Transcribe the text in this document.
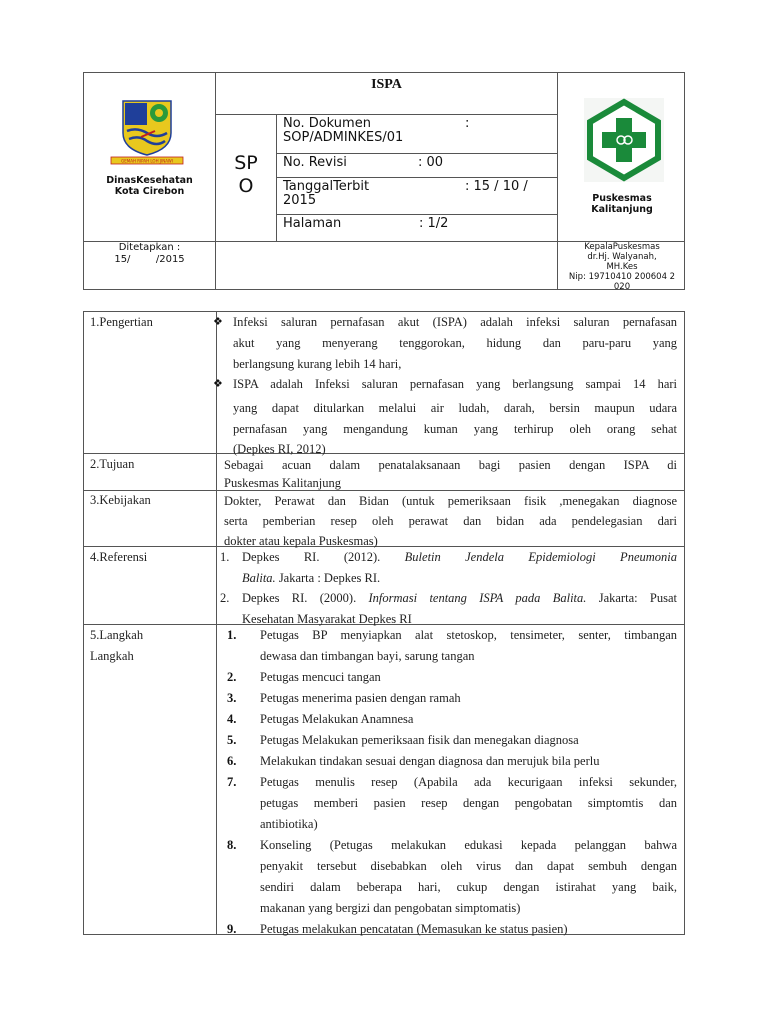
GEMAH RIPAH LOH JINAWI
DinasKesehatan
Kota Cirebon
ISPA
SP
O
No. Dokumen	:
SOP/ADMINKES/01
No. Revisi	: 00
TanggalTerbit	: 15 / 10 /
2015
Halaman	: 1/2
Puskesmas
Kalitanjung
Ditetapkan :
15/        /2015
KepalaPuskesmas
dr.Hj. Walyanah,
MH.Kes
Nip: 19710410 200604 2
020
1.Pengertian	❖ Infeksi saluran pernafasan akut (ISPA) adalah infeksi saluran pernafasan
akut yang menyerang tenggorokan, hidung dan paru-paru yang
berlangsung kurang lebih 14 hari,
❖ ISPA adalah Infeksi saluran pernafasan yang berlangsung sampai 14 hari
yang dapat ditularkan melalui air ludah, darah, bersin maupun udara
pernafasan yang mengandung kuman yang terhirup oleh orang sehat
(Depkes RI, 2012)
2.Tujuan	Sebagai acuan dalam penatalaksanaan bagi pasien dengan ISPA di
Puskesmas Kalitanjung
3.Kebijakan	Dokter, Perawat dan Bidan (untuk pemeriksaan fisik ,menegakan diagnose
serta pemberian resep oleh perawat dan bidan ada pendelegasian dari
dokter atau kepala Puskesmas)
4.Referensi	1. Depkes RI. (2012). Buletin Jendela Epidemiologi Pneumonia
Balita. Jakarta : Depkes RI.
2. Depkes RI. (2000). Informasi tentang ISPA pada Balita. Jakarta: Pusat
Kesehatan Masyarakat Depkes RI
5.Langkah
Langkah
1. Petugas BP menyiapkan alat stetoskop, tensimeter, senter, timbangan
dewasa dan timbangan bayi, sarung tangan
2. Petugas mencuci tangan
3. Petugas menerima pasien dengan ramah
4. Petugas Melakukan Anamnesa
5. Petugas Melakukan pemeriksaan fisik dan menegakan diagnosa
6. Melakukan tindakan sesuai dengan diagnosa dan merujuk bila perlu
7. Petugas menulis resep (Apabila ada kecurigaan infeksi sekunder,
petugas memberi pasien resep dengan pengobatan simptomtis dan
antibiotika)
8. Konseling (Petugas melakukan edukasi kepada pelanggan bahwa
penyakit tersebut disebabkan oleh virus dan dapat sembuh dengan
sendiri dalam beberapa hari, cukup dengan istirahat yang baik,
makanan yang bergizi dan pengobatan simptomatis)
9. Petugas melakukan pencatatan (Memasukan ke status pasien)
